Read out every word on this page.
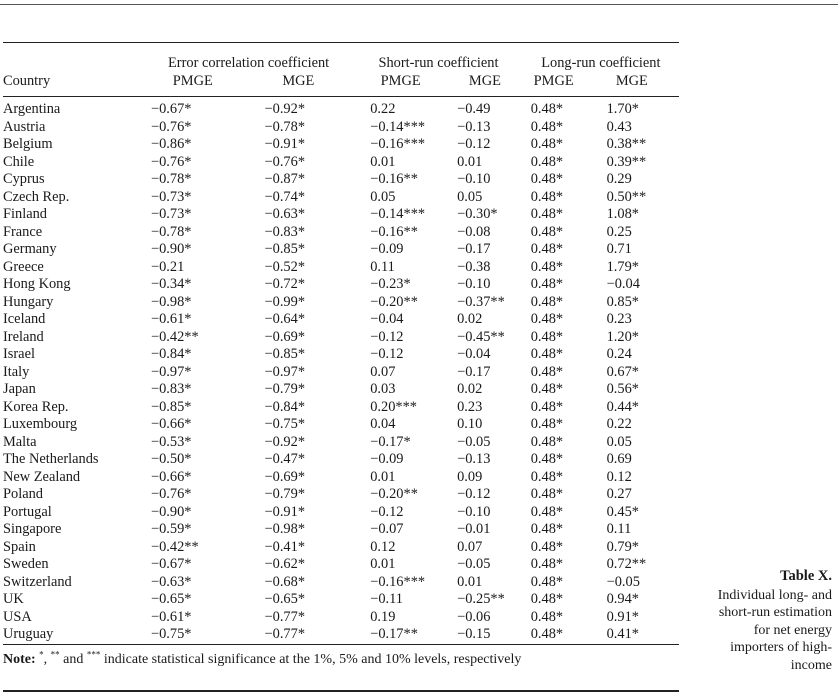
	Error correlation coefficient		Short-run coefficient		Long-run coefficient	
Country	PMGE	MGE	PMGE	MGE	PMGE	MGE
Argentina	−0.67*	−0.92*	0.22	−0.49	0.48*	1.70*
Austria	−0.76*	−0.78*	−0.14***	−0.13	0.48*	0.43
Belgium	−0.86*	−0.91*	−0.16***	−0.12	0.48*	0.38**
Chile	−0.76*	−0.76*	0.01	0.01	0.48*	0.39**
Cyprus	−0.78*	−0.87*	−0.16**	−0.10	0.48*	0.29
Czech Rep.	−0.73*	−0.74*	0.05	0.05	0.48*	0.50**
Finland	−0.73*	−0.63*	−0.14***	−0.30*	0.48*	1.08*
France	−0.78*	−0.83*	−0.16**	−0.08	0.48*	0.25
Germany	−0.90*	−0.85*	−0.09	−0.17	0.48*	0.71
Greece	−0.21	−0.52*	0.11	−0.38	0.48*	1.79*
Hong Kong	−0.34*	−0.72*	−0.23*	−0.10	0.48*	−0.04
Hungary	−0.98*	−0.99*	−0.20**	−0.37**	0.48*	0.85*
Iceland	−0.61*	−0.64*	−0.04	0.02	0.48*	0.23
Ireland	−0.42**	−0.69*	−0.12	−0.45**	0.48*	1.20*
Israel	−0.84*	−0.85*	−0.12	−0.04	0.48*	0.24
Italy	−0.97*	−0.97*	0.07	−0.17	0.48*	0.67*
Japan	−0.83*	−0.79*	0.03	0.02	0.48*	0.56*
Korea Rep.	−0.85*	−0.84*	0.20***	0.23	0.48*	0.44*
Luxembourg	−0.66*	−0.75*	0.04	0.10	0.48*	0.22
Malta	−0.53*	−0.92*	−0.17*	−0.05	0.48*	0.05
The Netherlands	−0.50*	−0.47*	−0.09	−0.13	0.48*	0.69
New Zealand	−0.66*	−0.69*	0.01	0.09	0.48*	0.12
Poland	−0.76*	−0.79*	−0.20**	−0.12	0.48*	0.27
Portugal	−0.90*	−0.91*	−0.12	−0.10	0.48*	0.45*
Singapore	−0.59*	−0.98*	−0.07	−0.01	0.48*	0.11
Spain	−0.42**	−0.41*	0.12	0.07	0.48*	0.79*
Sweden	−0.67*	−0.62*	0.01	−0.05	0.48*	0.72**
Switzerland	−0.63*	−0.68*	−0.16***	0.01	0.48*	−0.05
UK	−0.65*	−0.65*	−0.11	−0.25**	0.48*	0.94*
USA	−0.61*	−0.77*	0.19	−0.06	0.48*	0.91*
Uruguay	−0.75*	−0.77*	−0.17**	−0.15	0.48*	0.41*
Note: *, ** and *** indicate statistical significance at the 1%, 5% and 10% levels, respectively						
Table X.
Individual long- and
short-run estimation
for net energy
importers of high-
income
